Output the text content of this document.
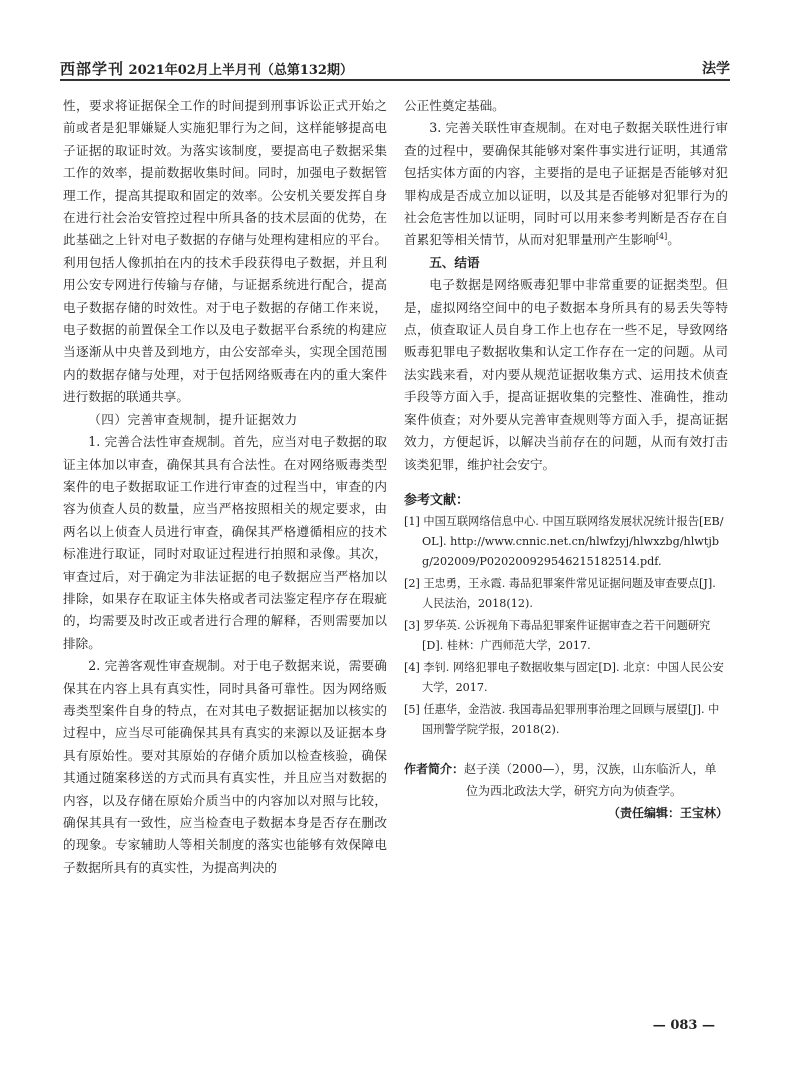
西部学刊 2021年02月上半月刊（总第132期）	法学

性，要求将证据保全工作的时间提到刑事诉讼正式开始之前或者是犯罪嫌疑人实施犯罪行为之间，这样能够提高电子证据的取证时效。为落实该制度，要提高电子数据采集工作的效率，提前数据收集时间。同时，加强电子数据管理工作，提高其提取和固定的效率。公安机关要发挥自身在进行社会治安管控过程中所具备的技术层面的优势，在此基础之上针对电子数据的存储与处理构建相应的平台。利用包括人像抓拍在内的技术手段获得电子数据，并且利用公安专网进行传输与存储，与证据系统进行配合，提高电子数据存储的时效性。对于电子数据的存储工作来说，电子数据的前置保全工作以及电子数据平台系统的构建应当逐渐从中央普及到地方，由公安部牵头，实现全国范围内的数据存储与处理，对于包括网络贩毒在内的重大案件进行数据的联通共享。

（四）完善审查规制，提升证据效力

1. 完善合法性审查规制。首先，应当对电子数据的取证主体加以审查，确保其具有合法性。在对网络贩毒类型案件的电子数据取证工作进行审查的过程当中，审查的内容为侦查人员的数量，应当严格按照相关的规定要求，由两名以上侦查人员进行审查，确保其严格遵循相应的技术标准进行取证，同时对取证过程进行拍照和录像。其次，审查过后，对于确定为非法证据的电子数据应当严格加以排除，如果存在取证主体失格或者司法鉴定程序存在瑕疵的，均需要及时改正或者进行合理的解释，否则需要加以排除。

2. 完善客观性审查规制。对于电子数据来说，需要确保其在内容上具有真实性，同时具备可靠性。因为网络贩毒类型案件自身的特点，在对其电子数据证据加以核实的过程中，应当尽可能确保其具有真实的来源以及证据本身具有原始性。要对其原始的存储介质加以检查核验，确保其通过随案移送的方式而具有真实性，并且应当对数据的内容，以及存储在原始介质当中的内容加以对照与比较，确保其具有一致性，应当检查电子数据本身是否存在删改的现象。专家辅助人等相关制度的落实也能够有效保障电子数据所具有的真实性，为提高判决的

公正性奠定基础。

3. 完善关联性审查规制。在对电子数据关联性进行审查的过程中，要确保其能够对案件事实进行证明，其通常包括实体方面的内容，主要指的是电子证据是否能够对犯罪构成是否成立加以证明，以及其是否能够对犯罪行为的社会危害性加以证明，同时可以用来参考判断是否存在自首累犯等相关情节，从而对犯罪量刑产生影响[4]。

五、结语

电子数据是网络贩毒犯罪中非常重要的证据类型。但是，虚拟网络空间中的电子数据本身所具有的易丢失等特点，侦查取证人员自身工作上也存在一些不足，导致网络贩毒犯罪电子数据收集和认定工作存在一定的问题。从司法实践来看，对内要从规范证据收集方式、运用技术侦查手段等方面入手，提高证据收集的完整性、准确性，推动案件侦查；对外要从完善审查规则等方面入手，提高证据效力，方便起诉，以解决当前存在的问题，从而有效打击该类犯罪，维护社会安宁。

参考文献：

[1] 中国互联网络信息中心. 中国互联网络发展状况统计报告[EB/OL]. http://www.cnnic.net.cn/hlwfzyj/hlwxzbg/hlwtjbg/202009/P020200929546215182514.pdf.

[2] 王忠勇，王永霞. 毒品犯罪案件常见证据问题及审查要点[J]. 人民法治，2018(12).

[3] 罗华英. 公诉视角下毒品犯罪案件证据审查之若干问题研究[D]. 桂林：广西师范大学，2017.

[4] 李钊. 网络犯罪电子数据收集与固定[D]. 北京：中国人民公安大学，2017.

[5] 任惠华，金浩波. 我国毒品犯罪刑事治理之回顾与展望[J]. 中国刑警学院学报，2018(2).

作者简介：赵子渼（2000—），男，汉族，山东临沂人，单位为西北政法大学，研究方向为侦查学。

（责任编辑：王宝林）

— 083 —
